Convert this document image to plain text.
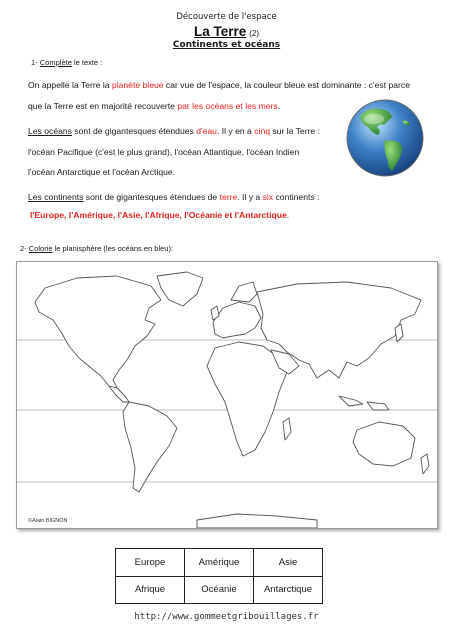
Découverte de l'espace
La Terre (2)
Continents et océans
1- Complète le texte :
On appelle la Terre la planète bleue car vue de l'espace, la couleur bleue est dominante : c'est parce
que la Terre est en majorité recouverte par les océans et les mers.
Les océans sont de gigantesques étendues d'eau. Il y en a cinq sur la Terre :
l'océan Pacifique (c'est le plus grand), l'océan Atlantique, l'océan Indien
l'océan Antarctique et l'océan Arctique.
Les continents sont de gigantesques étendues de terre. Il y a six continents :
l'Europe, l'Amérique, l'Asie, l'Afrique, l'Océanie et l'Antarctique.
2- Colorie le planisphère (les océans en bleu):
©Alain BIGNON
Europe	Amérique	Asie
Afrique	Océanie	Antarctique
http://www.gommeetgribouillages.fr
